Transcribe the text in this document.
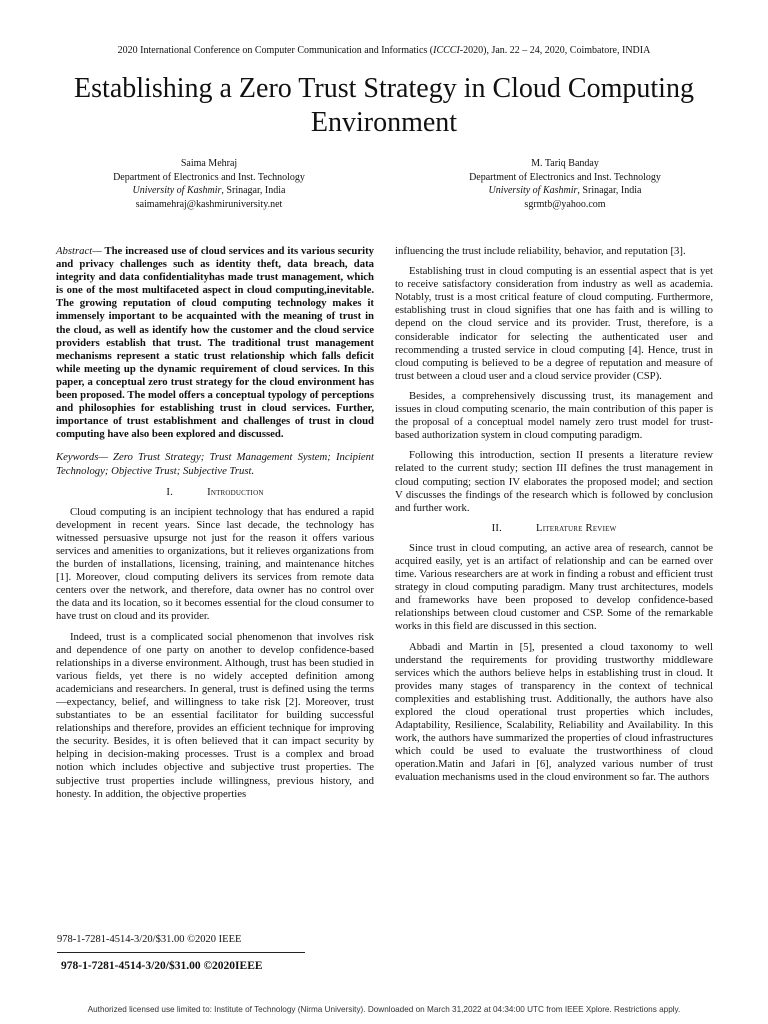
2020 International Conference on Computer Communication and Informatics (ICCCI-2020), Jan. 22 – 24, 2020, Coimbatore, INDIA
Establishing a Zero Trust Strategy in Cloud Computing Environment
Saima Mehraj
Department of Electronics and Inst. Technology
University of Kashmir, Srinagar, India
saimamehraj@kashmiruniversity.net
M. Tariq Banday
Department of Electronics and Inst. Technology
University of Kashmir, Srinagar, India
sgrmtb@yahoo.com

Abstract— The increased use of cloud services and its various security and privacy challenges such as identity theft, data breach, data integrity and data confidentialityhas made trust management, which is one of the most multifaceted aspect in cloud computing,inevitable. The growing reputation of cloud computing technology makes it immensely important to be acquainted with the meaning of trust in the cloud, as well as identify how the customer and the cloud service providers establish that trust. The traditional trust management mechanisms represent a static trust relationship which falls deficit while meeting up the dynamic requirement of cloud services. In this paper, a conceptual zero trust strategy for the cloud environment has been proposed. The model offers a conceptual typology of perceptions and philosophies for establishing trust in cloud services. Further, importance of trust establishment and challenges of trust in cloud computing have also been explored and discussed.

Keywords— Zero Trust Strategy; Trust Management System; Incipient Technology; Objective Trust; Subjective Trust.

I.	Introduction

Cloud computing is an incipient technology that has endured a rapid development in recent years. Since last decade, the technology has witnessed persuasive upsurge not just for the reason it offers various services and amenities to organizations, but it relieves organizations from the burden of installations, licensing, training, and maintenance hitches [1]. Moreover, cloud computing delivers its services from remote data centers over the network, and therefore, data owner has no control over the data and its location, so it becomes essential for the cloud consumer to have trust on cloud and its provider.

Indeed, trust is a complicated social phenomenon that involves risk and dependence of one party on another to develop confidence-based relationships in a diverse environment. Although, trust has been studied in various fields, yet there is no widely accepted definition among academicians and researchers. In general, trust is defined using the terms—expectancy, belief, and willingness to take risk [2]. Moreover, trust substantiates to be an essential facilitator for building successful relationships and therefore, provides an efficient technique for improving the security. Besides, it is often believed that it can impact security by helping in decision-making processes. Trust is a complex and broad notion which includes objective and subjective trust properties. The subjective trust properties include willingness, previous history, and honesty. In addition, the objective properties

influencing the trust include reliability, behavior, and reputation [3].

Establishing trust in cloud computing is an essential aspect that is yet to receive satisfactory consideration from industry as well as academia. Notably, trust is a most critical feature of cloud computing. Furthermore, establishing trust in cloud signifies that one has faith and is willing to depend on the cloud service and its provider. Trust, therefore, is a considerable indicator for selecting the authenticated user and recommending a trusted service in cloud computing [4]. Hence, trust in cloud computing is believed to be a degree of reputation and measure of trust between a cloud user and a cloud service provider (CSP).

Besides, a comprehensively discussing trust, its management and issues in cloud computing scenario, the main contribution of this paper is the proposal of a conceptual model namely zero trust model for trust-based authorization system in cloud computing paradigm.

Following this introduction, section II presents a literature review related to the current study; section III defines the trust management in cloud computing; section IV elaborates the proposed model; and section V discusses the findings of the research which is followed by conclusion and further work.

II.	Literature Review

Since trust in cloud computing, an active area of research, cannot be acquired easily, yet is an artifact of relationship and can be earned over time. Various researchers are at work in finding a robust and efficient trust strategy in cloud computing paradigm. Many trust architectures, models and frameworks have been proposed to develop confidence-based relationships between cloud customer and CSP. Some of the remarkable works in this field are discussed in this section.

Abbadi and Martin in [5], presented a cloud taxonomy to well understand the requirements for providing trustworthy middleware services which the authors believe helps in establishing trust in cloud. It provides many stages of transparency in the context of technical complexities and establishing trust. Additionally, the authors have also explored the cloud operational trust properties which includes, Adaptability, Resilience, Scalability, Reliability and Availability. In this work, the authors have summarized the properties of cloud infrastructures which could be used to evaluate the trustworthiness of cloud operation.Matin and Jafari in [6], analyzed various number of trust evaluation mechanisms used in the cloud environment so far. The authors

978-1-7281-4514-3/20/$31.00 ©2020 IEEE
978-1-7281-4514-3/20/$31.00 ©2020IEEE
Authorized licensed use limited to: Institute of Technology (Nirma University). Downloaded on March 31,2022 at 04:34:00 UTC from IEEE Xplore. Restrictions apply.
